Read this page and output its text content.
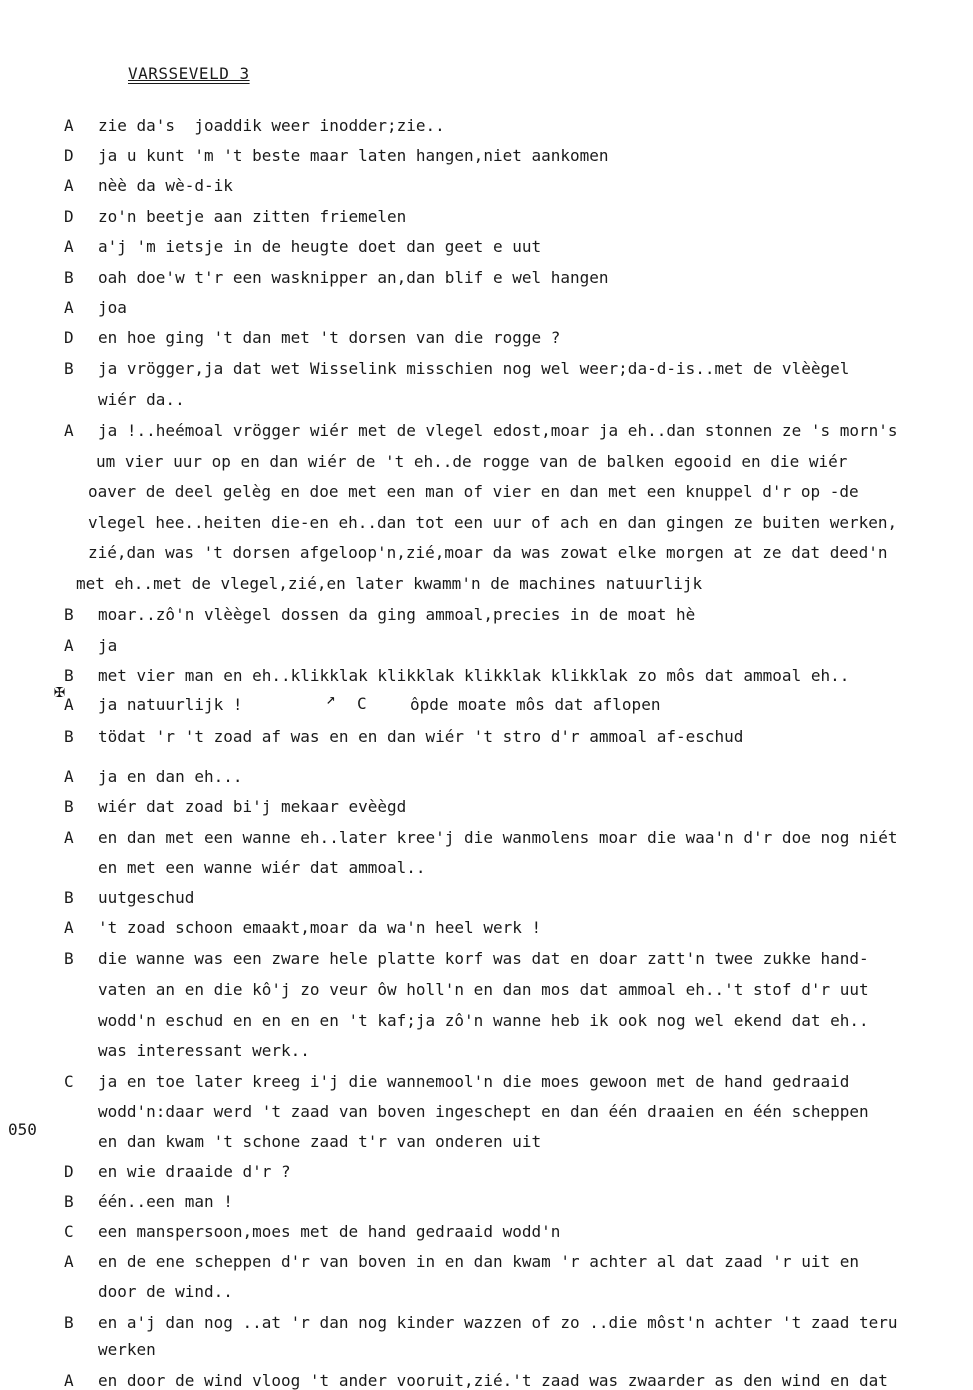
VARSSEVELD 3
050
A zie da's  joaddik weer inodder;zie..
D ja u kunt 'm 't beste maar laten hangen,niet aankomen
A nèè da wè-d-ik
D zo'n beetje aan zitten friemelen
A a'j 'm ietsje in de heugte doet dan geet e uut
B oah doe'w t'r een wasknipper an,dan blif e wel hangen
A joa
D en hoe ging 't dan met 't dorsen van die rogge ?
B ja vrögger,ja dat wet Wisselink misschien nog wel weer;da-d-is..met de vlèègel
wiér da..
A ja !..heémoal vrögger wiér met de vlegel edost,moar ja eh..dan stonnen ze 's morn's
um vier uur op en dan wiér de 't eh..de rogge van de balken egooid en die wiér
oaver de deel gelèg en doe met een man of vier en dan met een knuppel d'r op -de
vlegel hee..heiten die-en eh..dan tot een uur of ach en dan gingen ze buiten werken,
zié,dan was 't dorsen afgeloop'n,zié,moar da was zowat elke morgen at ze dat deed'n
met eh..met de vlegel,zié,en later kwamm'n de machines natuurlijk
B moar..zô'n vlèègel dossen da ging ammoal,precies in de moat hè
A ja
B met vier man en eh..klikklak klikklak klikklak klikklak zo môs dat ammoal eh..
A ja natuurlijk !	ôpde moate môs dat aflopen
B tödat 'r 't zoad af was en en dan wiér 't stro d'r ammoal af-eschud
A ja en dan eh...
B wiér dat zoad bi'j mekaar evèègd
A en dan met een wanne eh..later kree'j die wanmolens moar die waa'n d'r doe nog niét
en met een wanne wiér dat ammoal..
B uutgeschud
A 't zoad schoon emaakt,moar da wa'n heel werk !
B die wanne was een zware hele platte korf was dat en doar zatt'n twee zukke hand-
vaten an en die kô'j zo veur ôw holl'n en dan mos dat ammoal eh..'t stof d'r uut
wodd'n eschud en en en en 't kaf;ja zô'n wanne heb ik ook nog wel ekend dat eh..
was interessant werk..
C ja en toe later kreeg i'j die wannemool'n die moes gewoon met de hand gedraaid
wodd'n:daar werd 't zaad van boven ingeschept en dan één draaien en één scheppen
en dan kwam 't schone zaad t'r van onderen uit
D en wie draaide d'r ?
B één..een man !
C een manspersoon,moes met de hand gedraaid wodd'n
A en de ene scheppen d'r van boven in en dan kwam 'r achter al dat zaad 'r uit en
door de wind..
B en a'j dan nog ..at 'r dan nog kinder wazzen of zo ..die môst'n achter 't zaad teru
werken
A en door de wind vloog 't ander vooruit,zié.'t zaad was zwaarder as den wind en dat
✠	↗ C
